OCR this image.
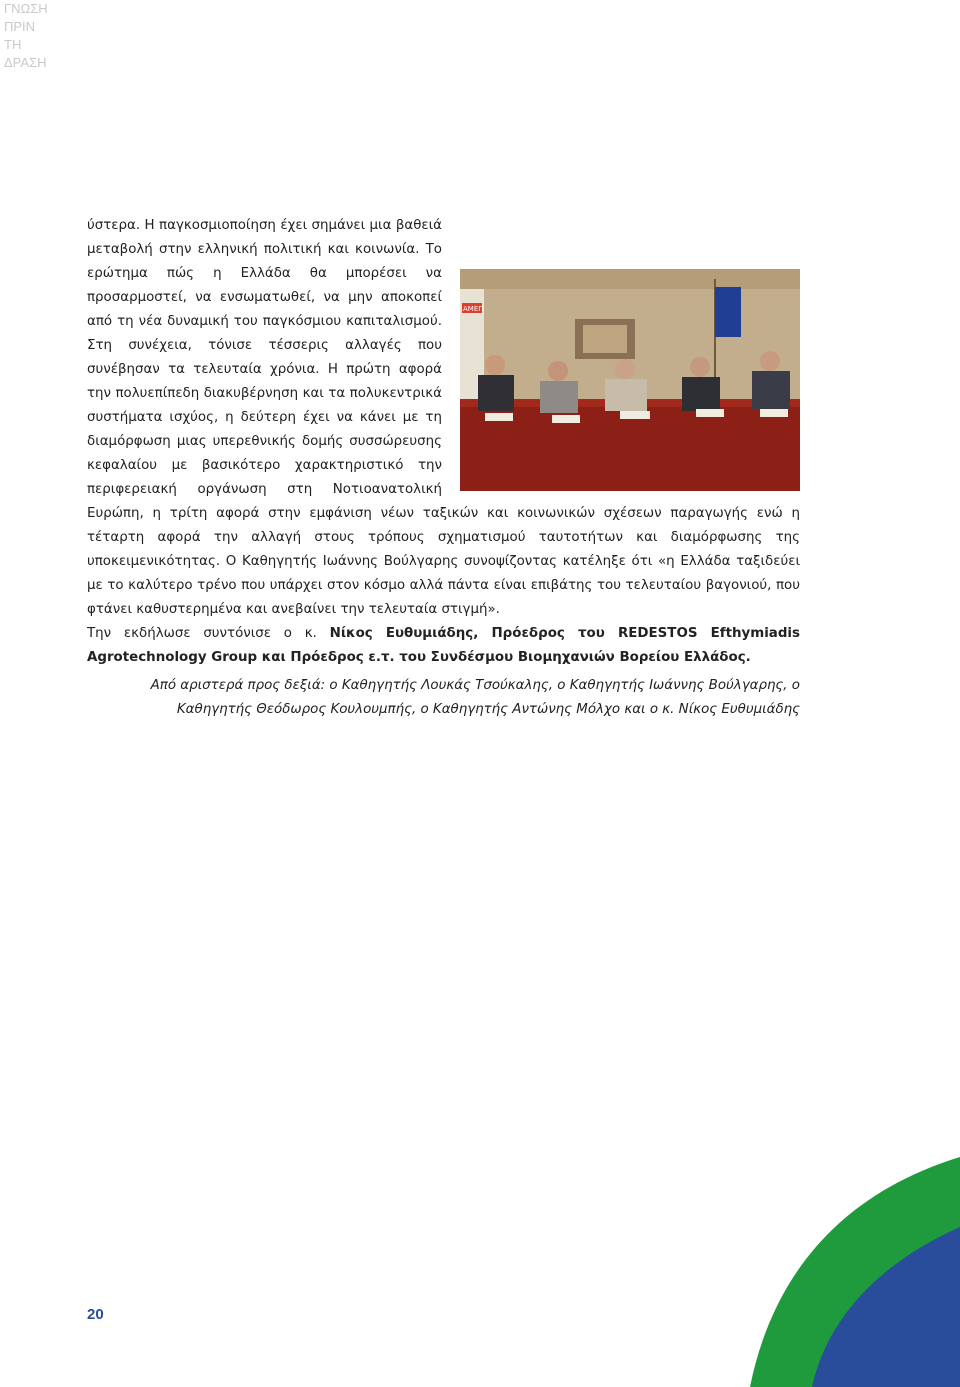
ΓΝΩΣΗ
ΠΡΙΝ
ΤΗ
ΔΡΑΣΗ
ΑΜΕΠ

ύστερα. Η παγκοσμιοποίηση έχει σημάνει μια βαθειά μεταβολή στην ελληνική πολιτική και κοινωνία. Το ερώτημα πώς η Ελλάδα θα μπορέσει να προσαρμοστεί, να ενσωματωθεί, να μην αποκοπεί από τη νέα δυναμική του παγκόσμιου καπιταλισμού. Στη συνέχεια, τόνισε τέσσερις αλλαγές που συνέβησαν τα τελευταία χρόνια. Η πρώτη αφορά την πολυεπίπεδη διακυβέρνηση και τα πολυκεντρικά συστήματα ισχύος, η δεύτερη έχει να κάνει με τη διαμόρφωση μιας υπερεθνικής δομής συσσώρευσης κεφαλαίου με βασικότερο χαρακτηριστικό την περιφερειακή οργάνωση στη Νοτιοανατολική Ευρώπη, η τρίτη αφορά στην εμφάνιση νέων ταξικών και κοινωνικών σχέσεων παραγωγής ενώ η τέταρτη αφορά την αλλαγή στους τρόπους σχηματισμού ταυτοτήτων και διαμόρφωσης της υποκειμενικότητας. Ο Καθηγητής Ιωάννης Βούλγαρης συνοψίζοντας κατέληξε ότι «η Ελλάδα ταξιδεύει με το καλύτερο τρένο που υπάρχει στον κόσμο αλλά πάντα είναι επιβάτης του τελευταίου βαγονιού, που φτάνει καθυστερημένα και ανεβαίνει την τελευταία στιγμή».

Την εκδήλωσε συντόνισε ο κ. Νίκος Ευθυμιάδης, Πρόεδρος του REDESTOS Efthymiadis Agrotechnology Group και Πρόεδρος ε.τ. του Συνδέσμου Βιομηχανιών Βορείου Ελλάδος.

Από αριστερά προς δεξιά: ο Καθηγητής Λουκάς Τσούκαλης, ο Καθηγητής Ιωάννης Βούλγαρης, ο
Καθηγητής Θεόδωρος Κουλουμπής, ο Καθηγητής Αντώνης Μόλχο και ο κ. Νίκος Ευθυμιάδης
20
